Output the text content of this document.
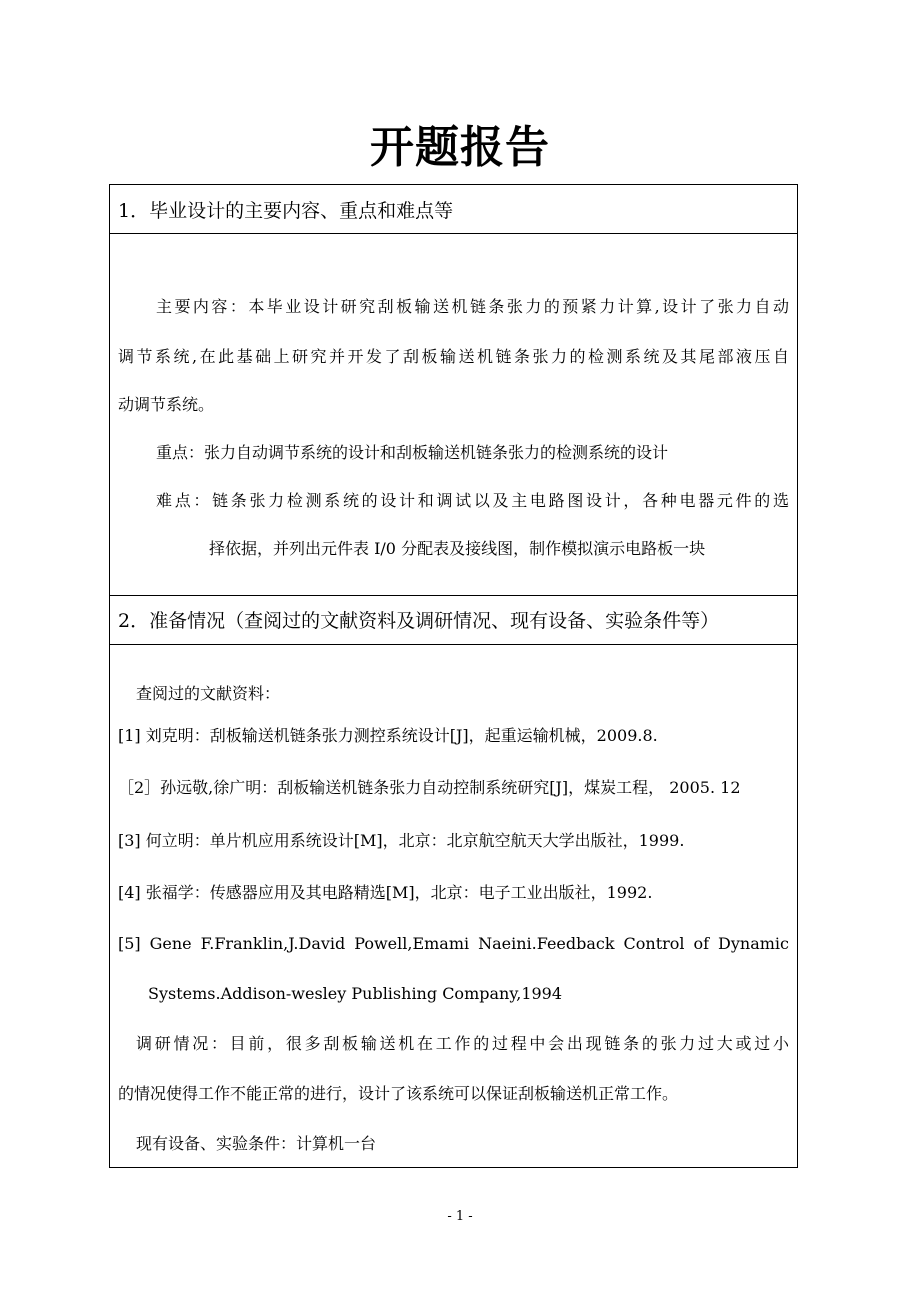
开题报告
1．毕业设计的主要内容、重点和难点等
主要内容：本毕业设计研究刮板输送机链条张力的预紧力计算,设计了张力自动
调节系统,在此基础上研究并开发了刮板输送机链条张力的检测系统及其尾部液压自
动调节系统。
重点：张力自动调节系统的设计和刮板输送机链条张力的检测系统的设计
难点：链条张力检测系统的设计和调试以及主电路图设计，各种电器元件的选
择依据，并列出元件表 I/0 分配表及接线图，制作模拟演示电路板一块
2．准备情况（查阅过的文献资料及调研情况、现有设备、实验条件等）
查阅过的文献资料：
[1] 刘克明：刮板输送机链条张力测控系统设计[J]，起重运输机械，2009.8.
［2］孙远敬,徐广明：刮板输送机链条张力自动控制系统研究[J]，煤炭工程， 2005. 12
[3] 何立明：单片机应用系统设计[M]，北京：北京航空航天大学出版社，1999.
[4] 张福学：传感器应用及其电路精选[M]，北京：电子工业出版社，1992.
[5] Gene F.Franklin,J.David Powell,Emami Naeini.Feedback Control of Dynamic
Systems.Addison-wesley Publishing Company,1994
调研情况：目前，很多刮板输送机在工作的过程中会出现链条的张力过大或过小
的情况使得工作不能正常的进行，设计了该系统可以保证刮板输送机正常工作。
现有设备、实验条件：计算机一台
- 1 -
